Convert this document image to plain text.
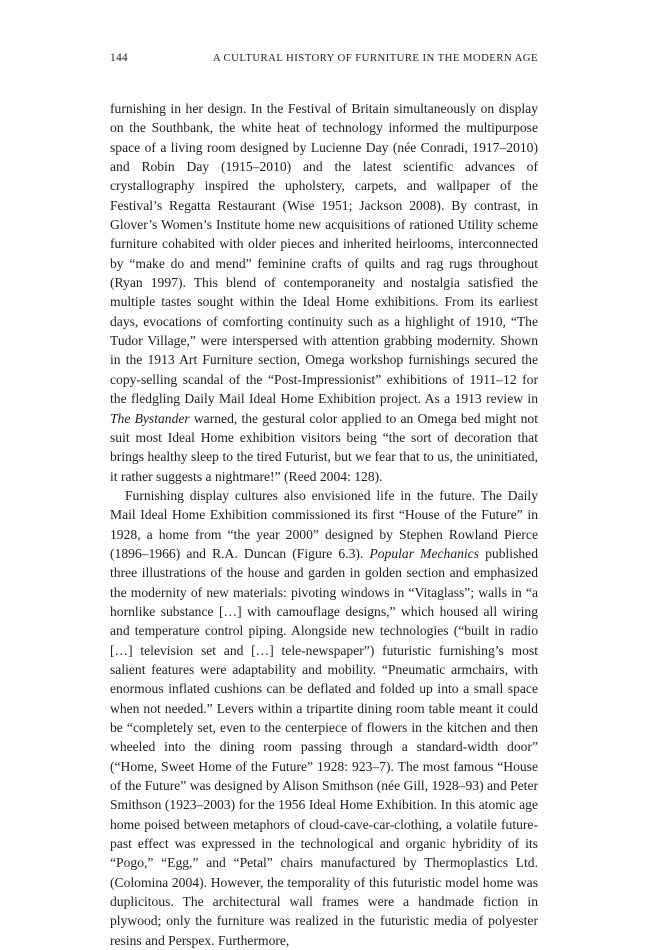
144	A CULTURAL HISTORY OF FURNITURE IN THE MODERN AGE

furnishing in her design. In the Festival of Britain simultaneously on display on the Southbank, the white heat of technology informed the multipurpose space of a living room designed by Lucienne Day (née Conradi, 1917–2010) and Robin Day (1915–2010) and the latest scientific advances of crystallography inspired the upholstery, carpets, and wallpaper of the Festival’s Regatta Restaurant (Wise 1951; Jackson 2008). By contrast, in Glover’s Women’s Institute home new acquisitions of rationed Utility scheme furniture cohabited with older pieces and inherited heirlooms, interconnected by “make do and mend” feminine crafts of quilts and rag rugs throughout (Ryan 1997). This blend of contemporaneity and nostalgia satisfied the multiple tastes sought within the Ideal Home exhibitions. From its earliest days, evocations of comforting continuity such as a highlight of 1910, “The Tudor Village,” were interspersed with attention grabbing modernity. Shown in the 1913 Art Furniture section, Omega workshop furnishings secured the copy-selling scandal of the “Post-Impressionist” exhibitions of 1911–12 for the fledgling Daily Mail Ideal Home Exhibition project. As a 1913 review in The Bystander warned, the gestural color applied to an Omega bed might not suit most Ideal Home exhibition visitors being “the sort of decoration that brings healthy sleep to the tired Futurist, but we fear that to us, the uninitiated, it rather suggests a nightmare!” (Reed 2004: 128).

Furnishing display cultures also envisioned life in the future. The Daily Mail Ideal Home Exhibition commissioned its first “House of the Future” in 1928, a home from “the year 2000” designed by Stephen Rowland Pierce (1896–1966) and R.A. Duncan (Figure 6.3). Popular Mechanics published three illustrations of the house and garden in golden section and emphasized the modernity of new materials: pivoting windows in “Vitaglass”; walls in “a hornlike substance […] with camouflage designs,” which housed all wiring and temperature control piping. Alongside new technologies (“built in radio […] television set and […] tele-newspaper”) futuristic furnishing’s most salient features were adaptability and mobility. “Pneumatic armchairs, with enormous inflated cushions can be deflated and folded up into a small space when not needed.” Levers within a tripartite dining room table meant it could be “completely set, even to the centerpiece of flowers in the kitchen and then wheeled into the dining room passing through a standard-width door” (“Home, Sweet Home of the Future” 1928: 923–7). The most famous “House of the Future” was designed by Alison Smithson (née Gill, 1928–93) and Peter Smithson (1923–2003) for the 1956 Ideal Home Exhibition. In this atomic age home poised between metaphors of cloud-cave-car-clothing, a volatile future-past effect was expressed in the technological and organic hybridity of its “Pogo,” “Egg,” and “Petal” chairs manufactured by Thermoplastics Ltd. (Colomina 2004). However, the temporality of this futuristic model home was duplicitous. The architectural wall frames were a handmade fiction in plywood; only the furniture was realized in the futuristic media of polyester resins and Perspex. Furthermore,
